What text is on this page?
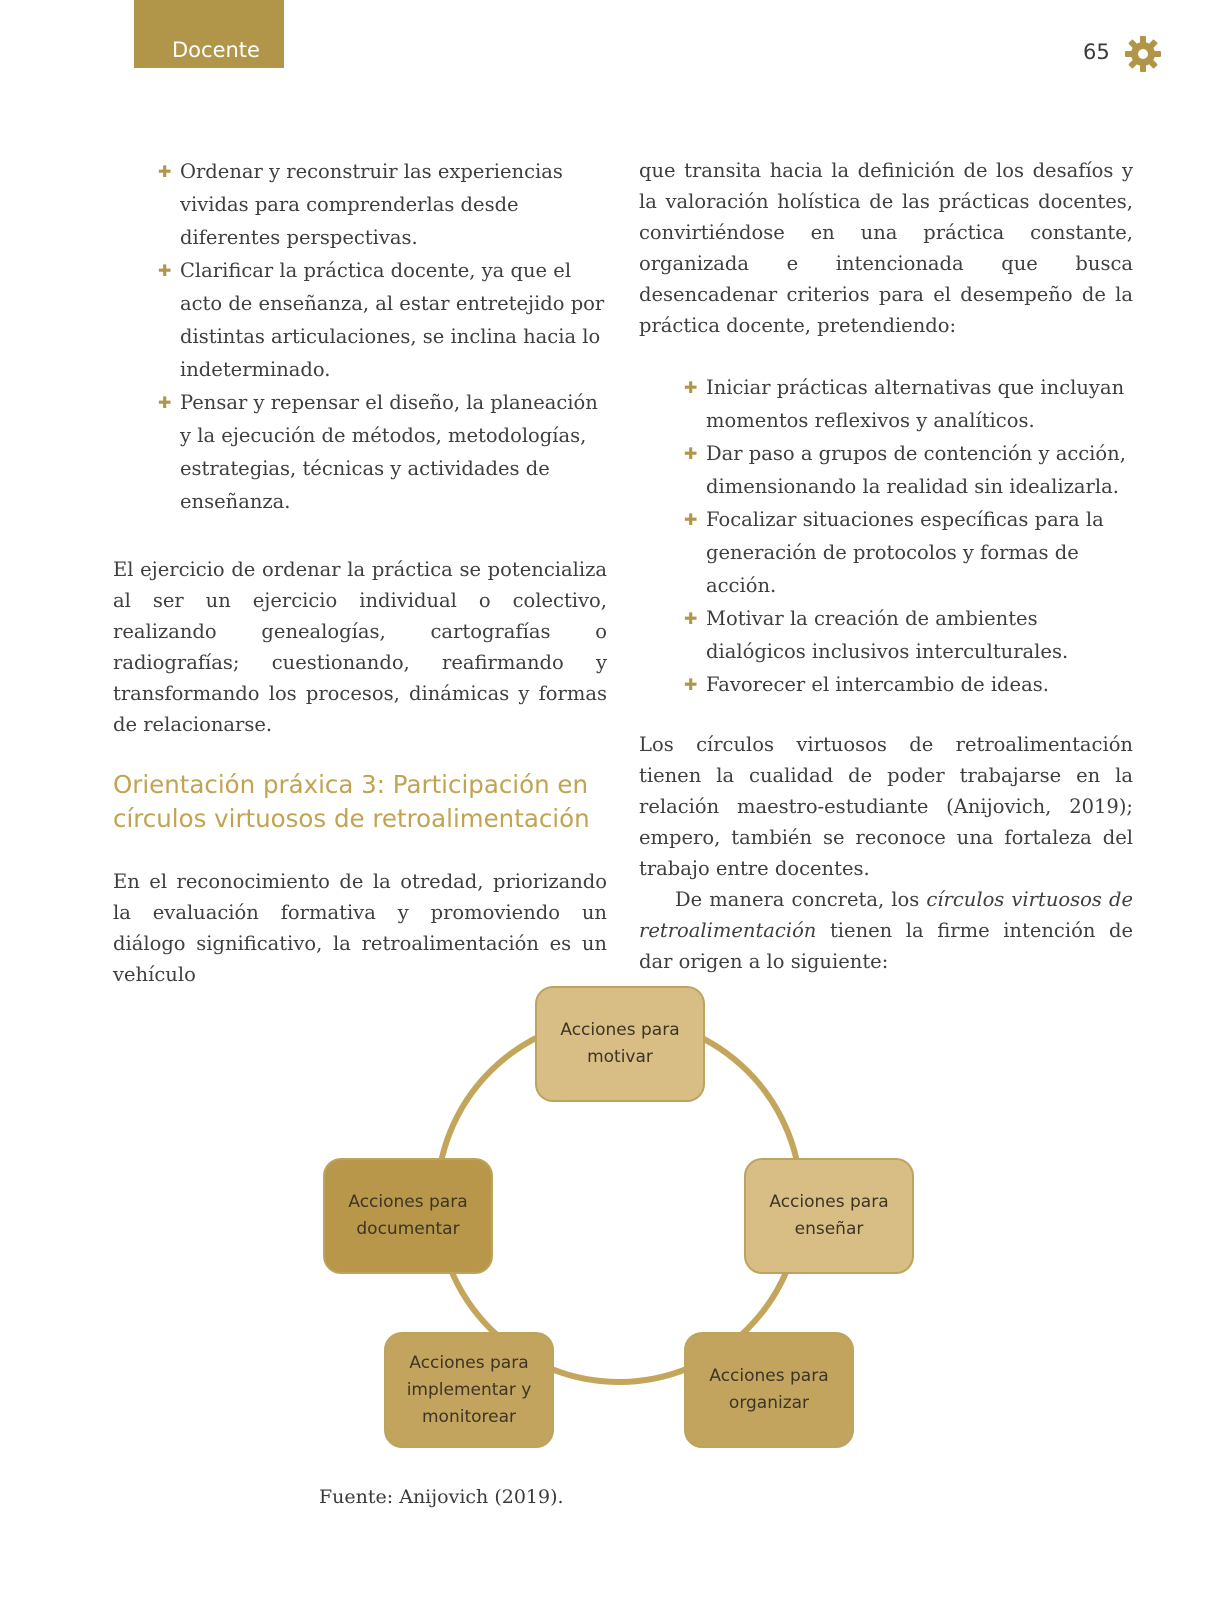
Docente	65
✚ Ordenar y reconstruir las experiencias vividas para comprenderlas desde diferentes perspectivas.
✚ Clarificar la práctica docente, ya que el acto de enseñanza, al estar entretejido por distintas articulaciones, se inclina hacia lo indeterminado.
✚ Pensar y repensar el diseño, la planeación y la ejecución de métodos, metodologías, estrategias, técnicas y actividades de enseñanza.

El ejercicio de ordenar la práctica se potencializa al ser un ejercicio individual o colectivo, realizando genealogías, cartografías o radiografías; cuestionando, reafirmando y transformando los procesos, dinámicas y formas de relacionarse.

Orientación práxica 3: Participación en círculos virtuosos de retroalimentación

En el reconocimiento de la otredad, priorizando la evaluación formativa y promoviendo un diálogo significativo, la retroalimentación es un vehículo

que transita hacia la definición de los desafíos y la valoración holística de las prácticas docentes, convirtiéndose en una práctica constante, organizada e intencionada que busca desencadenar criterios para el desempeño de la práctica docente, pretendiendo:

✚ Iniciar prácticas alternativas que incluyan momentos reflexivos y analíticos.
✚ Dar paso a grupos de contención y acción, dimensionando la realidad sin idealizarla.
✚ Focalizar situaciones específicas para la generación de protocolos y formas de acción.
✚ Motivar la creación de ambientes dialógicos inclusivos interculturales.
✚ Favorecer el intercambio de ideas.

Los círculos virtuosos de retroalimentación tienen la cualidad de poder trabajarse en la relación maestro-estudiante (Anijovich, 2019); empero, también se reconoce una fortaleza del trabajo entre docentes.

De manera concreta, los círculos virtuosos de retroalimentación tienen la firme intención de dar origen a lo siguiente:

Acciones para
motivar
Acciones para
enseñar
Acciones para
organizar
Acciones para
implementar y
monitorear
Acciones para
documentar
Fuente: Anijovich (2019).
